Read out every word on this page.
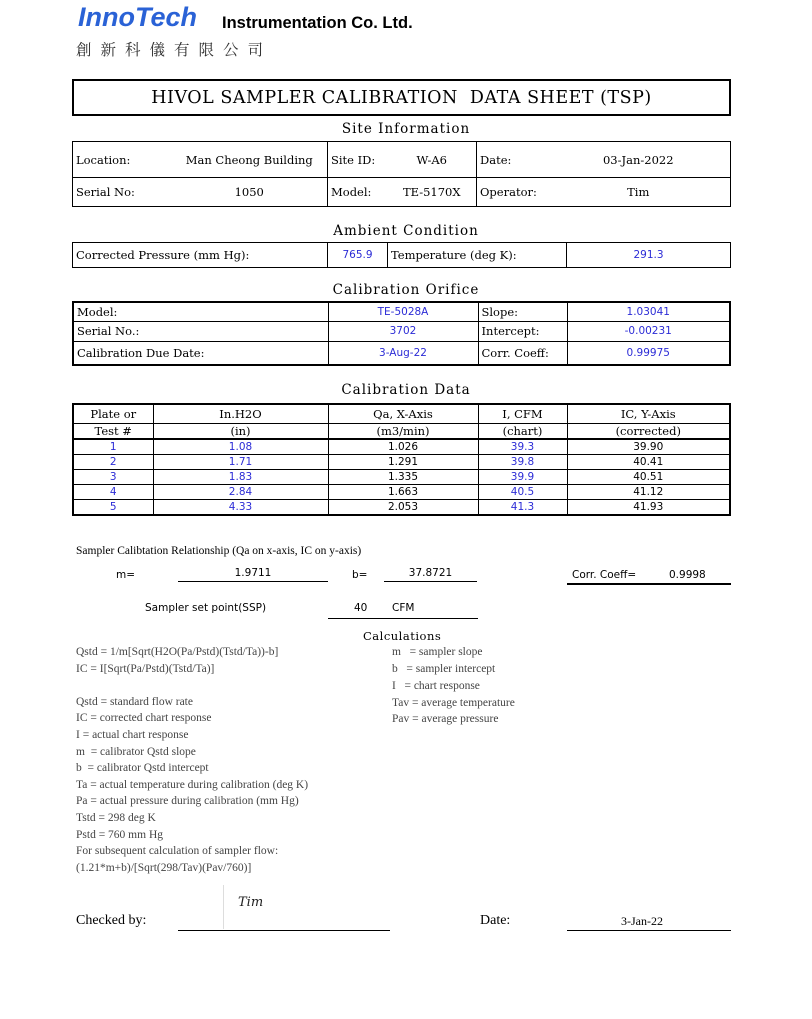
InnoTech Instrumentation Co. Ltd.
創新科儀有限公司
HIVOL SAMPLER CALIBRATION  DATA SHEET (TSP)
Site Information
Location:	Man Cheong Building	Site ID:	W-A6	Date:	03-Jan-2022
Serial No:	1050	Model:	TE-5170X	Operator:	Tim
Ambient Condition
Corrected Pressure (mm Hg):	765.9	Temperature (deg K):	291.3
Calibration Orifice
Model:	TE-5028A	Slope:	1.03041
Serial No.:	3702	Intercept:	-0.00231
Calibration Due Date:	3-Aug-22	Corr. Coeff:	0.99975
Calibration Data
Plate or	In.H2O	Qa, X-Axis	I, CFM	IC, Y-Axis
Test #	(in)	(m3/min)	(chart)	(corrected)
1	1.08	1.026	39.3	39.90
2	1.71	1.291	39.8	40.41
3	1.83	1.335	39.9	40.51
4	2.84	1.663	40.5	41.12
5	4.33	2.053	41.3	41.93
Sampler Calibtation Relationship (Qa on x-axis, IC on y-axis)
m=	1.9711	b=	37.8721	Corr. Coeff=	0.9998
Sampler set point(SSP)	40 CFM
Calculations
Qstd = 1/m[Sqrt(H2O(Pa/Pstd)(Tstd/Ta))-b]
IC = I[Sqrt(Pa/Pstd)(Tstd/Ta)]
Qstd = standard flow rate
IC = corrected chart response
I = actual chart response
m  = calibrator Qstd slope
b  = calibrator Qstd intercept
Ta = actual temperature during calibration (deg K)
Pa = actual pressure during calibration (mm Hg)
Tstd = 298 deg K
Pstd = 760 mm Hg
For subsequent calculation of sampler flow:
(1.21*m+b)/[Sqrt(298/Tav)(Pav/760)]
m   = sampler slope
b   = sampler intercept
I   = chart response
Tav = average temperature
Pav = average pressure
Checked by:
Tim
Date:	3-Jan-22
